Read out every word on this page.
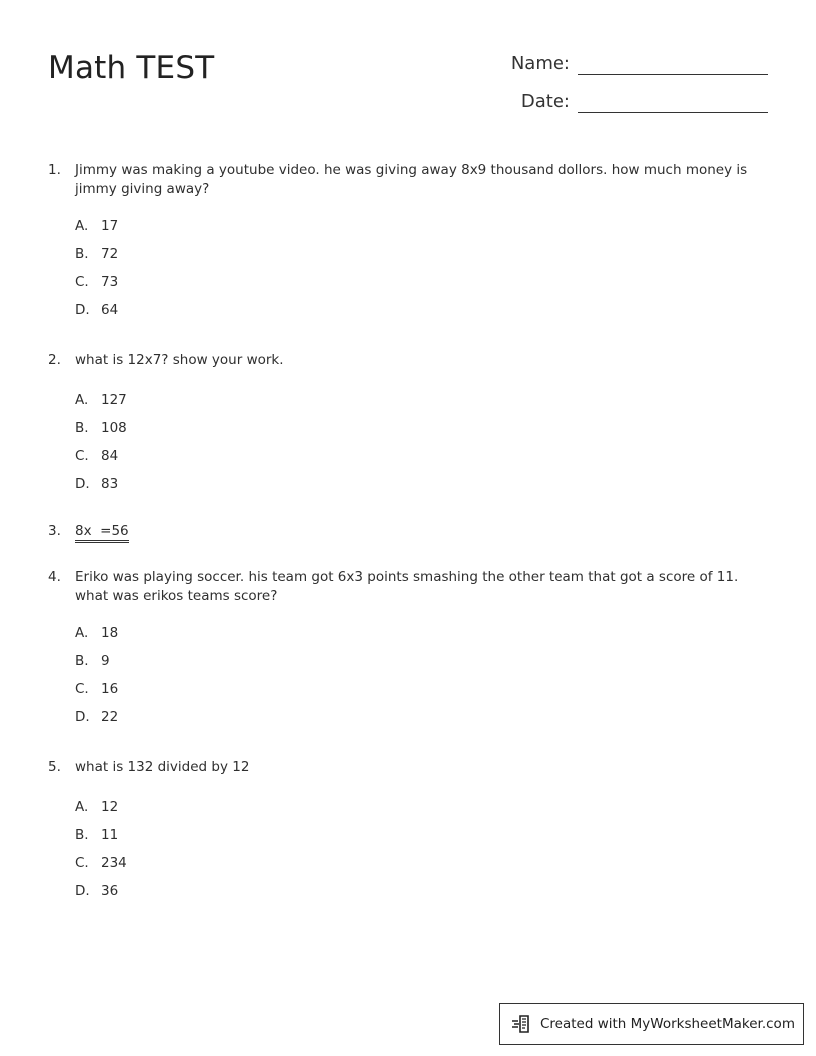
Math TEST	Name:
Date:
1.	Jimmy was making a youtube video. he was giving away 8x9 thousand dollors. how much money is jimmy giving away?
A. 17
B. 72
C. 73
D. 64
2.	what is 12x7? show your work.
A. 127
B. 108
C. 84
D. 83
3.	8x  =56
4.	Eriko was playing soccer. his team got 6x3 points smashing the other team that got a score of 11. what was erikos teams score?
A. 18
B. 9
C. 16
D. 22
5.	what is 132 divided by 12
A. 12
B. 11
C. 234
D. 36
Created with MyWorksheetMaker.com
